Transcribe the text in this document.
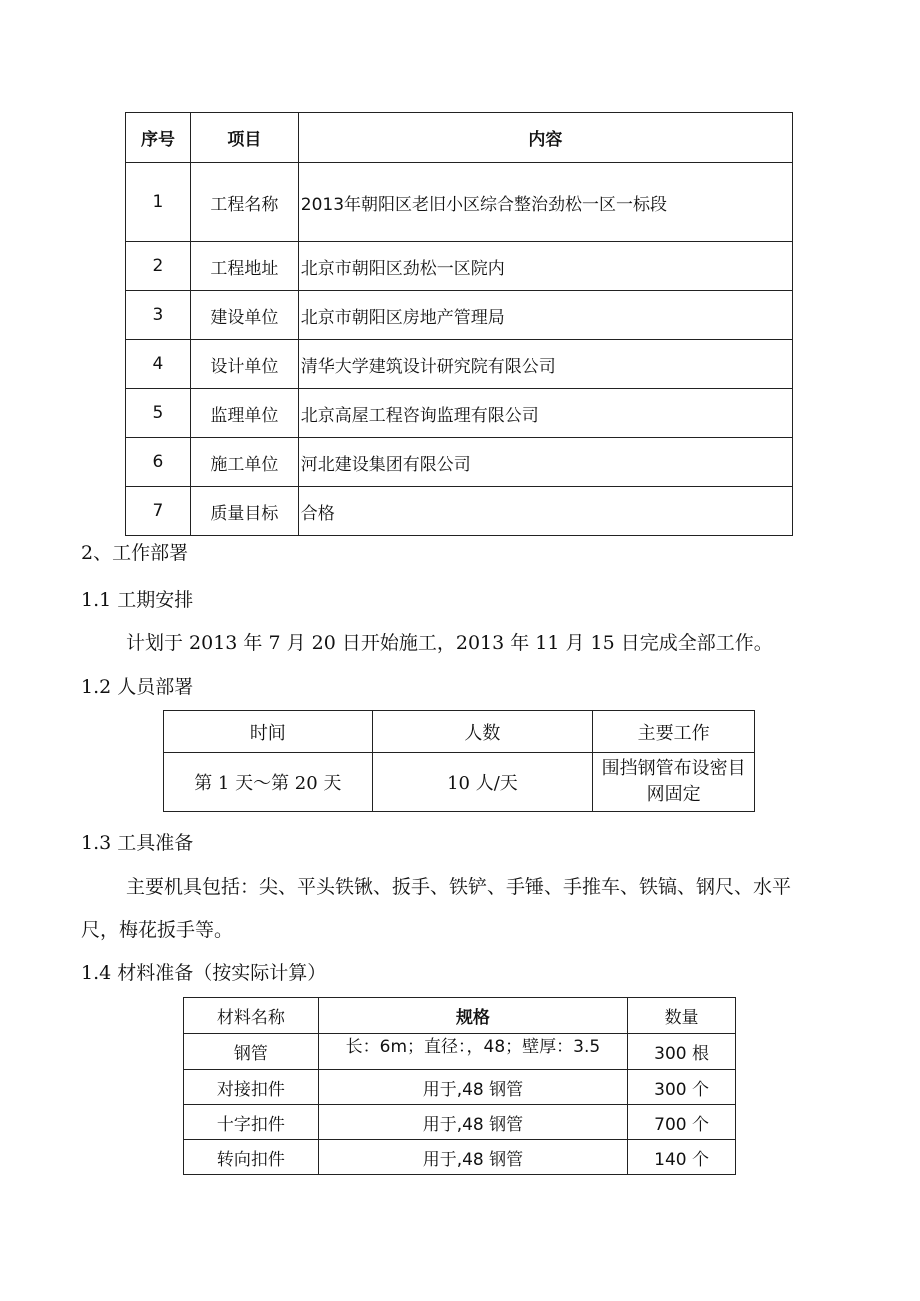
序号	项目	内容
1	工程名称	2013年朝阳区老旧小区综合整治劲松一区一标段
2	工程地址	北京市朝阳区劲松一区院内
3	建设单位	北京市朝阳区房地产管理局
4	设计单位	清华大学建筑设计研究院有限公司
5	监理单位	北京高屋工程咨询监理有限公司
6	施工单位	河北建设集团有限公司
7	质量目标	合格
2、工作部署
1.1 工期安排
计划于 2013 年 7 月 20 日开始施工，2013 年 11 月 15 日完成全部工作。
1.2 人员部署
时间	人数	主要工作
第 1 天～第 20 天	10 人/天	围挡钢管布设密目网固定
1.3 工具准备
主要机具包括：尖、平头铁锹、扳手、铁铲、手锤、手推车、铁镐、钢尺、水平
尺，梅花扳手等。
1.4 材料准备（按实际计算）
材料名称	规格	数量
钢管	长：6m；直径：，48；壁厚：3.5	300 根
对接扣件	用于,48 钢管	300 个
十字扣件	用于,48 钢管	700 个
转向扣件	用于,48 钢管	140 个
